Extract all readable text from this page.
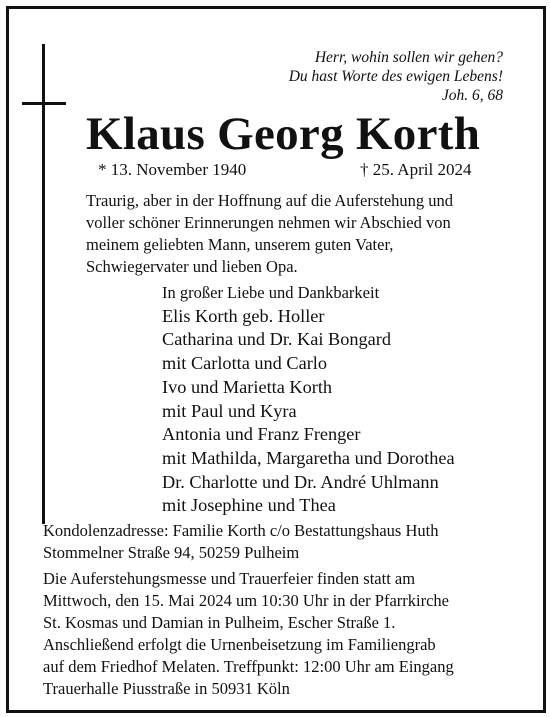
Herr, wohin sollen wir gehen?
Du hast Worte des ewigen Lebens!
Joh. 6, 68
Klaus Georg Korth
* 13. November 1940	† 25. April 2024
Traurig, aber in der Hoffnung auf die Auferstehung und
voller schöner Erinnerungen nehmen wir Abschied von
meinem geliebten Mann, unserem guten Vater,
Schwiegervater und lieben Opa.
In großer Liebe und Dankbarkeit
Elis Korth geb. Holler
Catharina und Dr. Kai Bongard
mit Carlotta und Carlo
Ivo und Marietta Korth
mit Paul und Kyra
Antonia und Franz Frenger
mit Mathilda, Margaretha und Dorothea
Dr. Charlotte und Dr. André Uhlmann
mit Josephine und Thea
Kondolenzadresse: Familie Korth c/o Bestattungshaus Huth
Stommelner Straße 94, 50259 Pulheim
Die Auferstehungsmesse und Trauerfeier finden statt am
Mittwoch, den 15. Mai 2024 um 10:30 Uhr in der Pfarrkirche
St. Kosmas und Damian in Pulheim, Escher Straße 1.
Anschließend erfolgt die Urnenbeisetzung im Familiengrab
auf dem Friedhof Melaten. Treffpunkt: 12:00 Uhr am Eingang
Trauerhalle Piusstraße in 50931 Köln
